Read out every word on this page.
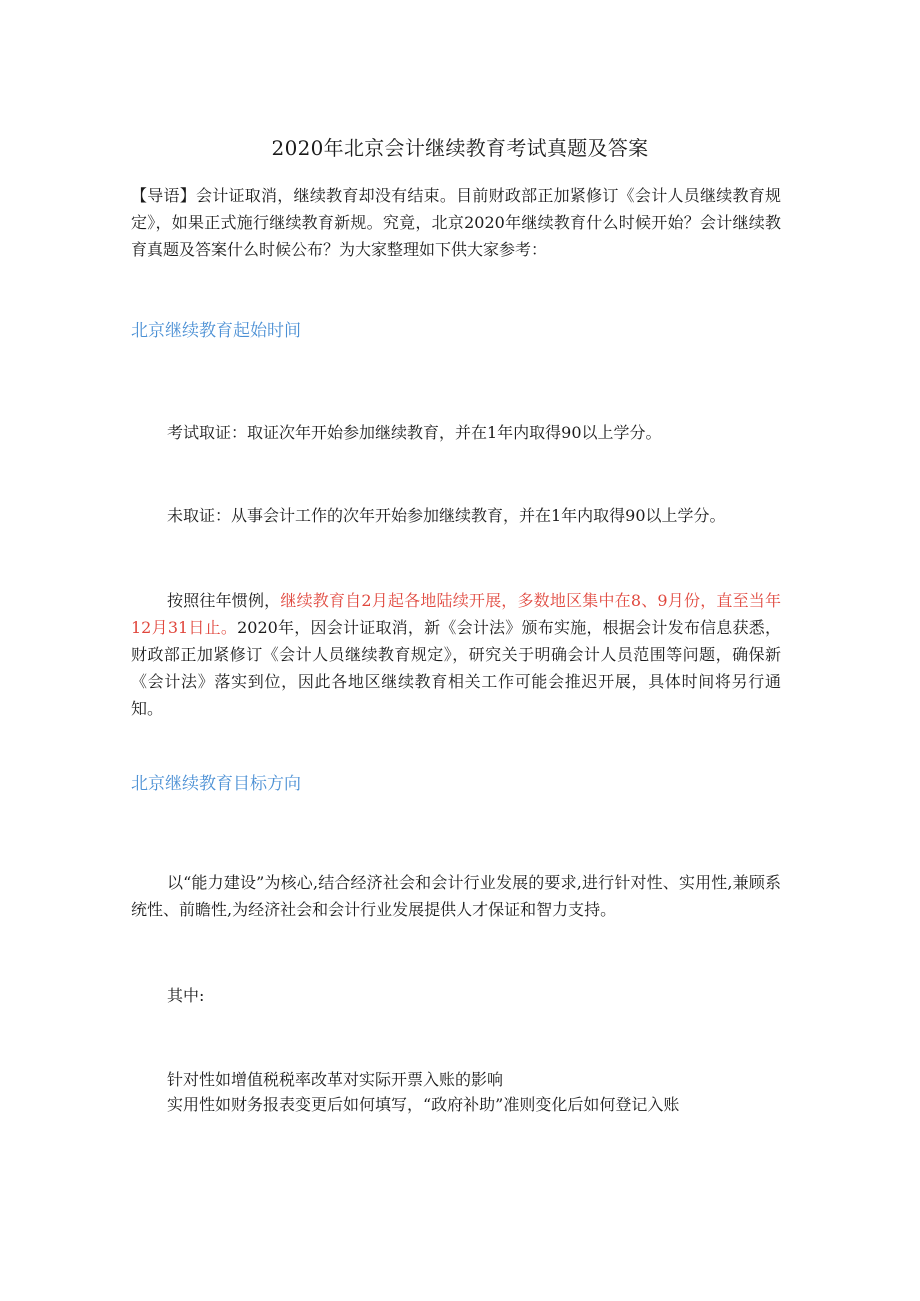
2020年北京会计继续教育考试真题及答案
【导语】会计证取消，继续教育却没有结束。目前财政部正加紧修订《会计人员继续教育规定》，如果正式施行继续教育新规。究竟，北京2020年继续教育什么时候开始？会计继续教育真题及答案什么时候公布？为大家整理如下供大家参考：
北京继续教育起始时间
考试取证：取证次年开始参加继续教育，并在1年内取得90以上学分。
未取证：从事会计工作的次年开始参加继续教育，并在1年内取得90以上学分。
按照往年惯例，继续教育自2月起各地陆续开展，多数地区集中在8、9月份，直至当年12月31日止。2020年，因会计证取消，新《会计法》颁布实施，根据会计发布信息获悉，财政部正加紧修订《会计人员继续教育规定》，研究关于明确会计人员范围等问题，确保新《会计法》落实到位，因此各地区继续教育相关工作可能会推迟开展，具体时间将另行通知。
北京继续教育目标方向
以“能力建设”为核心,结合经济社会和会计行业发展的要求,进行针对性、实用性,兼顾系统性、前瞻性,为经济社会和会计行业发展提供人才保证和智力支持。
其中:
针对性如增值税税率改革对实际开票入账的影响
实用性如财务报表变更后如何填写，“政府补助”准则变化后如何登记入账
